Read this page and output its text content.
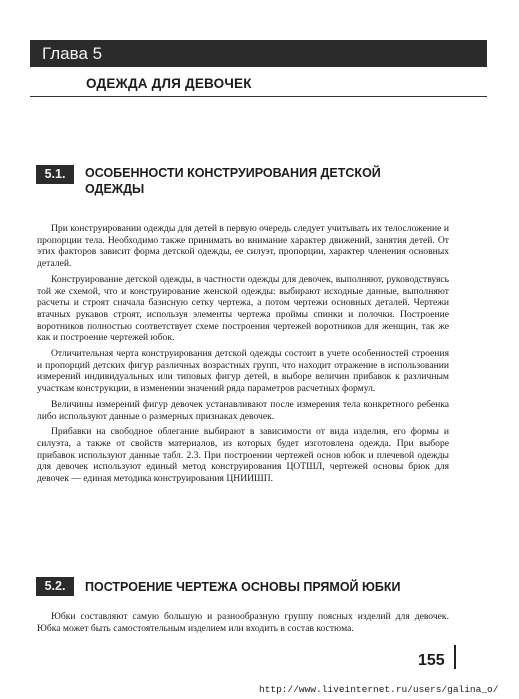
Глава 5
ОДЕЖДА ДЛЯ ДЕВОЧЕК
5.1.	ОСОБЕННОСТИ КОНСТРУИРОВАНИЯ ДЕТСКОЙ ОДЕЖДЫ

При конструировании одежды для детей в первую очередь следует учитывать их телосложение и пропорции тела. Необходимо также принимать во внимание характер движений, занятия детей. От этих факторов зависит форма детской одежды, ее силуэт, пропорции, характер членения основных деталей.

Конструирование детской одежды, в частности одежды для девочек, выполняют, руководствуясь той же схемой, что и конструирование женской одежды: выбирают исходные данные, выполняют расчеты и строят сначала базисную сетку чертежа, а потом чертежи основных деталей. Чертежи втачных рукавов строят, используя элементы чертежа проймы спинки и полочки. Построение воротников полностью соответствует схеме построения чертежей воротников для женщин, так же как и построение чертежей юбок.

Отличительная черта конструирования детской одежды состоит в учете особенностей строения и пропорций детских фигур различных возрастных групп, что находит отражение в использовании измерений индивидуальных или типовых фигур детей, в выборе величин прибавок к различным участкам конструкции, в изменении значений ряда параметров расчетных формул.

Величины измерений фигур девочек устанавливают после измерения тела конкретного ребенка либо используют данные о размерных признаках девочек.

Прибавки на свободное облегание выбирают в зависимости от вида изделия, его формы и силуэта, а также от свойств материалов, из которых будет изготовлена одежда. При выборе прибавок используют данные табл. 2.3. При построении чертежей основ юбок и плечевой одежды для девочек используют единый метод конструирования ЦОТШЛ, чертежей основы брюк для девочек — единая методика конструирования ЦНИИШП.

5.2.	ПОСТРОЕНИЕ ЧЕРТЕЖА ОСНОВЫ ПРЯМОЙ ЮБКИ

Юбки составляют самую большую и разнообразную группу поясных изделий для девочек. Юбка может быть самостоятельным изделием или входить в состав костюма.

155
http://www.liveinternet.ru/users/galina_o/
